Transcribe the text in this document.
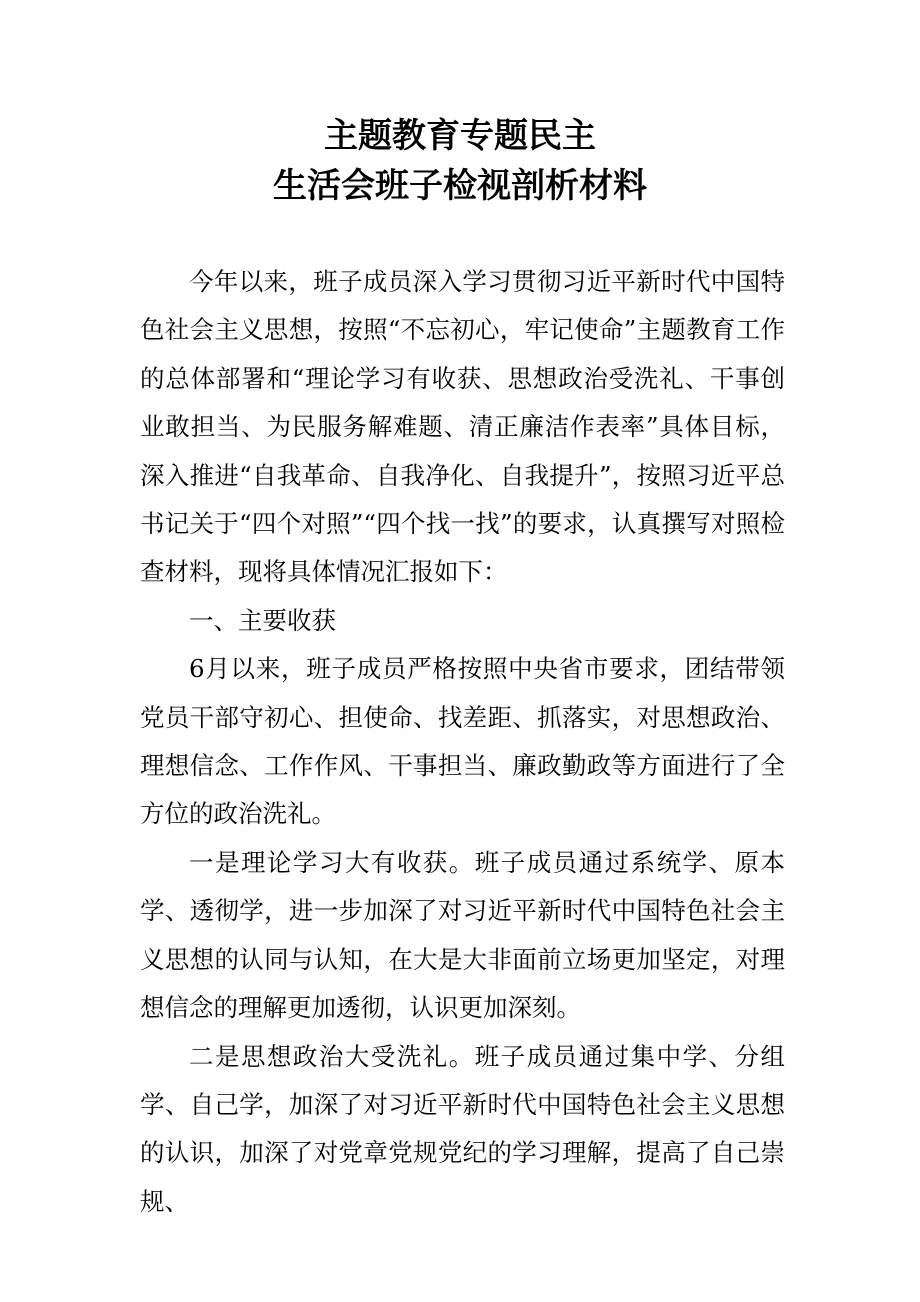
主题教育专题民主
生活会班子检视剖析材料

今年以来，班子成员深入学习贯彻习近平新时代中国特色社会主义思想，按照“不忘初心，牢记使命”主题教育工作的总体部署和“理论学习有收获、思想政治受洗礼、干事创业敢担当、为民服务解难题、清正廉洁作表率”具体目标，深入推进“自我革命、自我净化、自我提升”，按照习近平总书记关于“四个对照”“四个找一找”的要求，认真撰写对照检查材料，现将具体情况汇报如下：

一、主要收获

6月以来，班子成员严格按照中央省市要求，团结带领党员干部守初心、担使命、找差距、抓落实，对思想政治、理想信念、工作作风、干事担当、廉政勤政等方面进行了全方位的政治洗礼。

一是理论学习大有收获。班子成员通过系统学、原本学、透彻学，进一步加深了对习近平新时代中国特色社会主义思想的认同与认知，在大是大非面前立场更加坚定，对理想信念的理解更加透彻，认识更加深刻。

二是思想政治大受洗礼。班子成员通过集中学、分组学、自己学，加深了对习近平新时代中国特色社会主义思想的认识，加深了对党章党规党纪的学习理解，提高了自己崇规、
